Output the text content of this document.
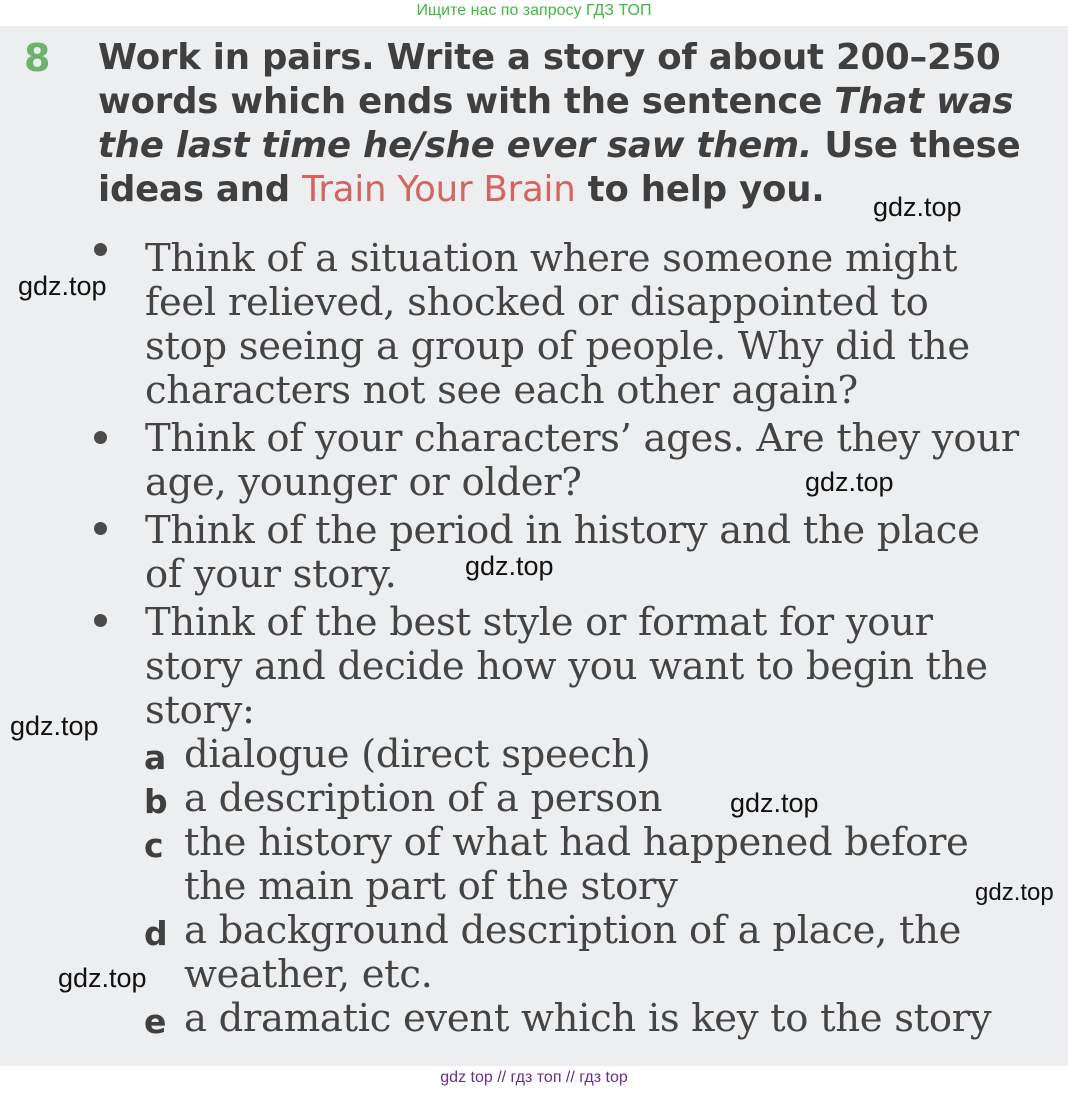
Ищите нас по запросу ГДЗ ТОП
8 Work in pairs. Write a story of about 200–250 words which ends with the sentence That was the last time he/she ever saw them. Use these ideas and Train Your Brain to help you.
Think of a situation where someone might
feel relieved, shocked or disappointed to
stop seeing a group of people. Why did the
characters not see each other again?
Think of your characters’ ages. Are they your
age, younger or older?
Think of the period in history and the place
of your story.
Think of the best style or format for your
story and decide how you want to begin the
story:
a dialogue (direct speech)
b a description of a person
c the history of what had happened before
the main part of the story
d a background description of a place, the
weather, etc.
e a dramatic event which is key to the story
gdz.top
gdz.top
gdz.top
gdz.top
gdz.top
gdz.top
gdz.top
gdz.top
gdz top // гдз топ // гдз top
